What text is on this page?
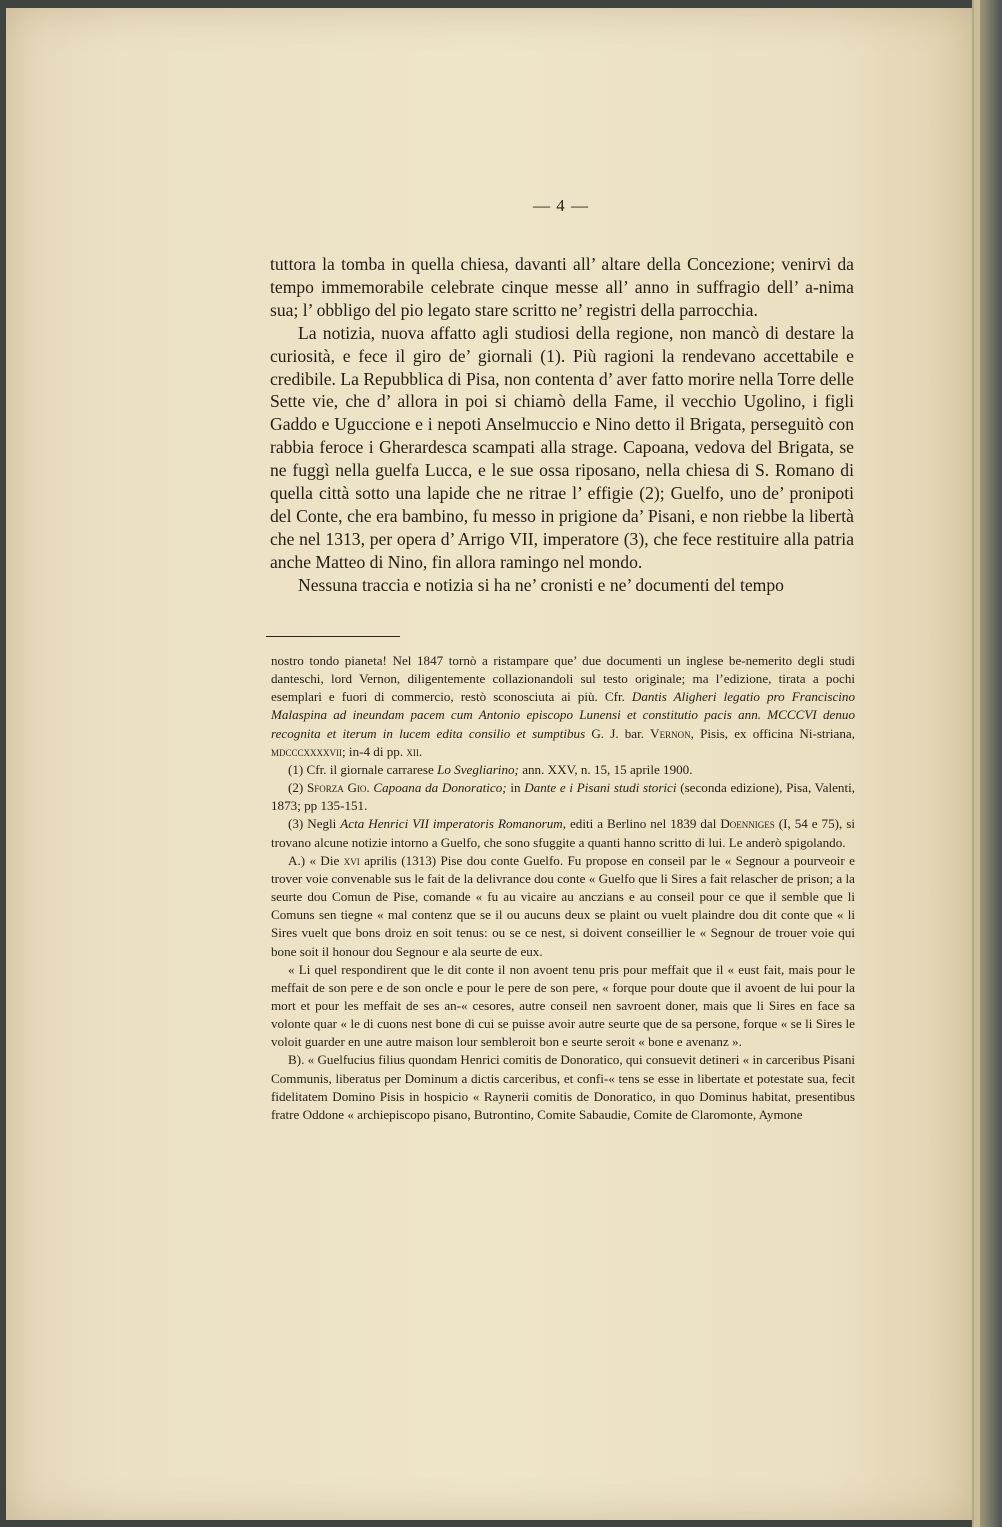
— 4 —

tuttora la tomba in quella chiesa, davanti all’ altare della Concezione; venirvi da tempo immemorabile celebrate cinque messe all’ anno in suffragio dell’ a-nima sua; l’ obbligo del pio legato stare scritto ne’ registri della parrocchia.

La notizia, nuova affatto agli studiosi della regione, non mancò di destare la curiosità, e fece il giro de’ giornali (1). Più ragioni la rendevano accettabile e credibile. La Repubblica di Pisa, non contenta d’ aver fatto morire nella Torre delle Sette vie, che d’ allora in poi si chiamò della Fame, il vecchio Ugolino, i figli Gaddo e Uguccione e i nepoti Anselmuccio e Nino detto il Brigata, perseguitò con rabbia feroce i Gherardesca scampati alla strage. Capoana, vedova del Brigata, se ne fuggì nella guelfa Lucca, e le sue ossa riposano, nella chiesa di S. Romano di quella città sotto una lapide che ne ritrae l’ effigie (2); Guelfo, uno de’ pronipoti del Conte, che era bambino, fu messo in prigione da’ Pisani, e non riebbe la libertà che nel 1313, per opera d’ Arrigo VII, imperatore (3), che fece restituire alla patria anche Matteo di Nino, fin allora ramingo nel mondo.

Nessuna traccia e notizia si ha ne’ cronisti e ne’ documenti del tempo

nostro tondo pianeta! Nel 1847 tornò a ristampare que’ due documenti un inglese be-nemerito degli studi danteschi, lord Vernon, diligentemente collazionandoli sul testo originale; ma l’edizione, tirata a pochi esemplari e fuori di commercio, restò sconosciuta ai più. Cfr. Dantis Aligheri legatio pro Franciscino Malaspina ad ineundam pacem cum Antonio episcopo Lunensi et constitutio pacis ann. MCCCVI denuo recognita et iterum in lucem edita consilio et sumptibus G. J. bar. Vernon, Pisis, ex officina Ni-striana, mdcccxxxxvii; in-4 di pp. xii.

(1) Cfr. il giornale carrarese Lo Svegliarino; ann. XXV, n. 15, 15 aprile 1900.

(2) Sforza Gio. Capoana da Donoratico; in Dante e i Pisani studi storici (seconda edizione), Pisa, Valenti, 1873; pp 135-151.

(3) Negli Acta Henrici VII imperatoris Romanorum, editi a Berlino nel 1839 dal Doenniges (I, 54 e 75), si trovano alcune notizie intorno a Guelfo, che sono sfuggite a quanti hanno scritto di lui. Le anderò spigolando.

A.) « Die xvi aprilis (1313) Pise dou conte Guelfo. Fu propose en conseil par le « Segnour a pourveoir e trover voie convenable sus le fait de la delivrance dou conte « Guelfo que li Sires a fait relascher de prison; a la seurte dou Comun de Pise, comande « fu au vicaire au anczians e au conseil pour ce que il semble que li Comuns sen tiegne « mal contenz que se il ou aucuns deux se plaint ou vuelt plaindre dou dit conte que « li Sires vuelt que bons droiz en soit tenus: ou se ce nest, si doivent conseillier le « Segnour de trouer voie qui bone soit il honour dou Segnour e ala seurte de eux.

« Li quel respondirent que le dit conte il non avoent tenu pris pour meffait que il « eust fait, mais pour le meffait de son pere e de son oncle e pour le pere de son pere, « forque pour doute que il avoent de lui pour la mort et pour les meffait de ses an-« cesores, autre conseil nen savroent doner, mais que li Sires en face sa volonte quar « le di cuons nest bone di cui se puisse avoir autre seurte que de sa persone, forque « se li Sires le voloit guarder en une autre maison lour sembleroit bon e seurte seroit « bone e avenanz ».

B). « Guelfucius filius quondam Henrici comitis de Donoratico, qui consuevit detineri « in carceribus Pisani Communis, liberatus per Dominum a dictis carceribus, et confi-« tens se esse in libertate et potestate sua, fecit fidelitatem Domino Pisis in hospicio « Raynerii comitis de Donoratico, in quo Dominus habitat, presentibus fratre Oddone « archiepiscopo pisano, Butrontino, Comite Sabaudie, Comite de Claromonte, Aymone
